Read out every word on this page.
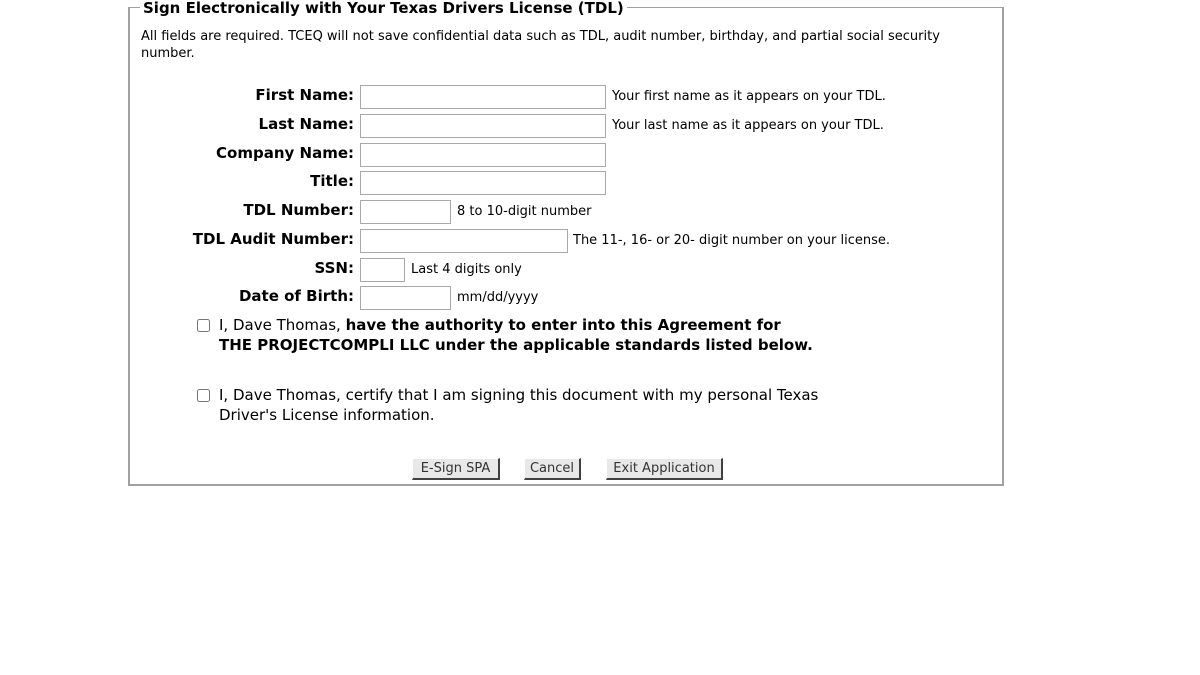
Sign Electronically with Your Texas Drivers License (TDL)
All fields are required. TCEQ will not save confidential data such as TDL, audit number, birthday, and partial social security number.
First Name:	Your first name as it appears on your TDL.
Last Name:	Your last name as it appears on your TDL.
Company Name:
Title:
TDL Number:	8 to 10-digit number
TDL Audit Number:	The 11-, 16- or 20- digit number on your license.
SSN:	Last 4 digits only
Date of Birth:	mm/dd/yyyy
I, Dave Thomas, have the authority to enter into this Agreement for THE PROJECTCOMPLI LLC under the applicable standards listed below.
I, Dave Thomas, certify that I am signing this document with my personal Texas Driver's License information.
E-Sign SPA	Cancel	Exit Application
